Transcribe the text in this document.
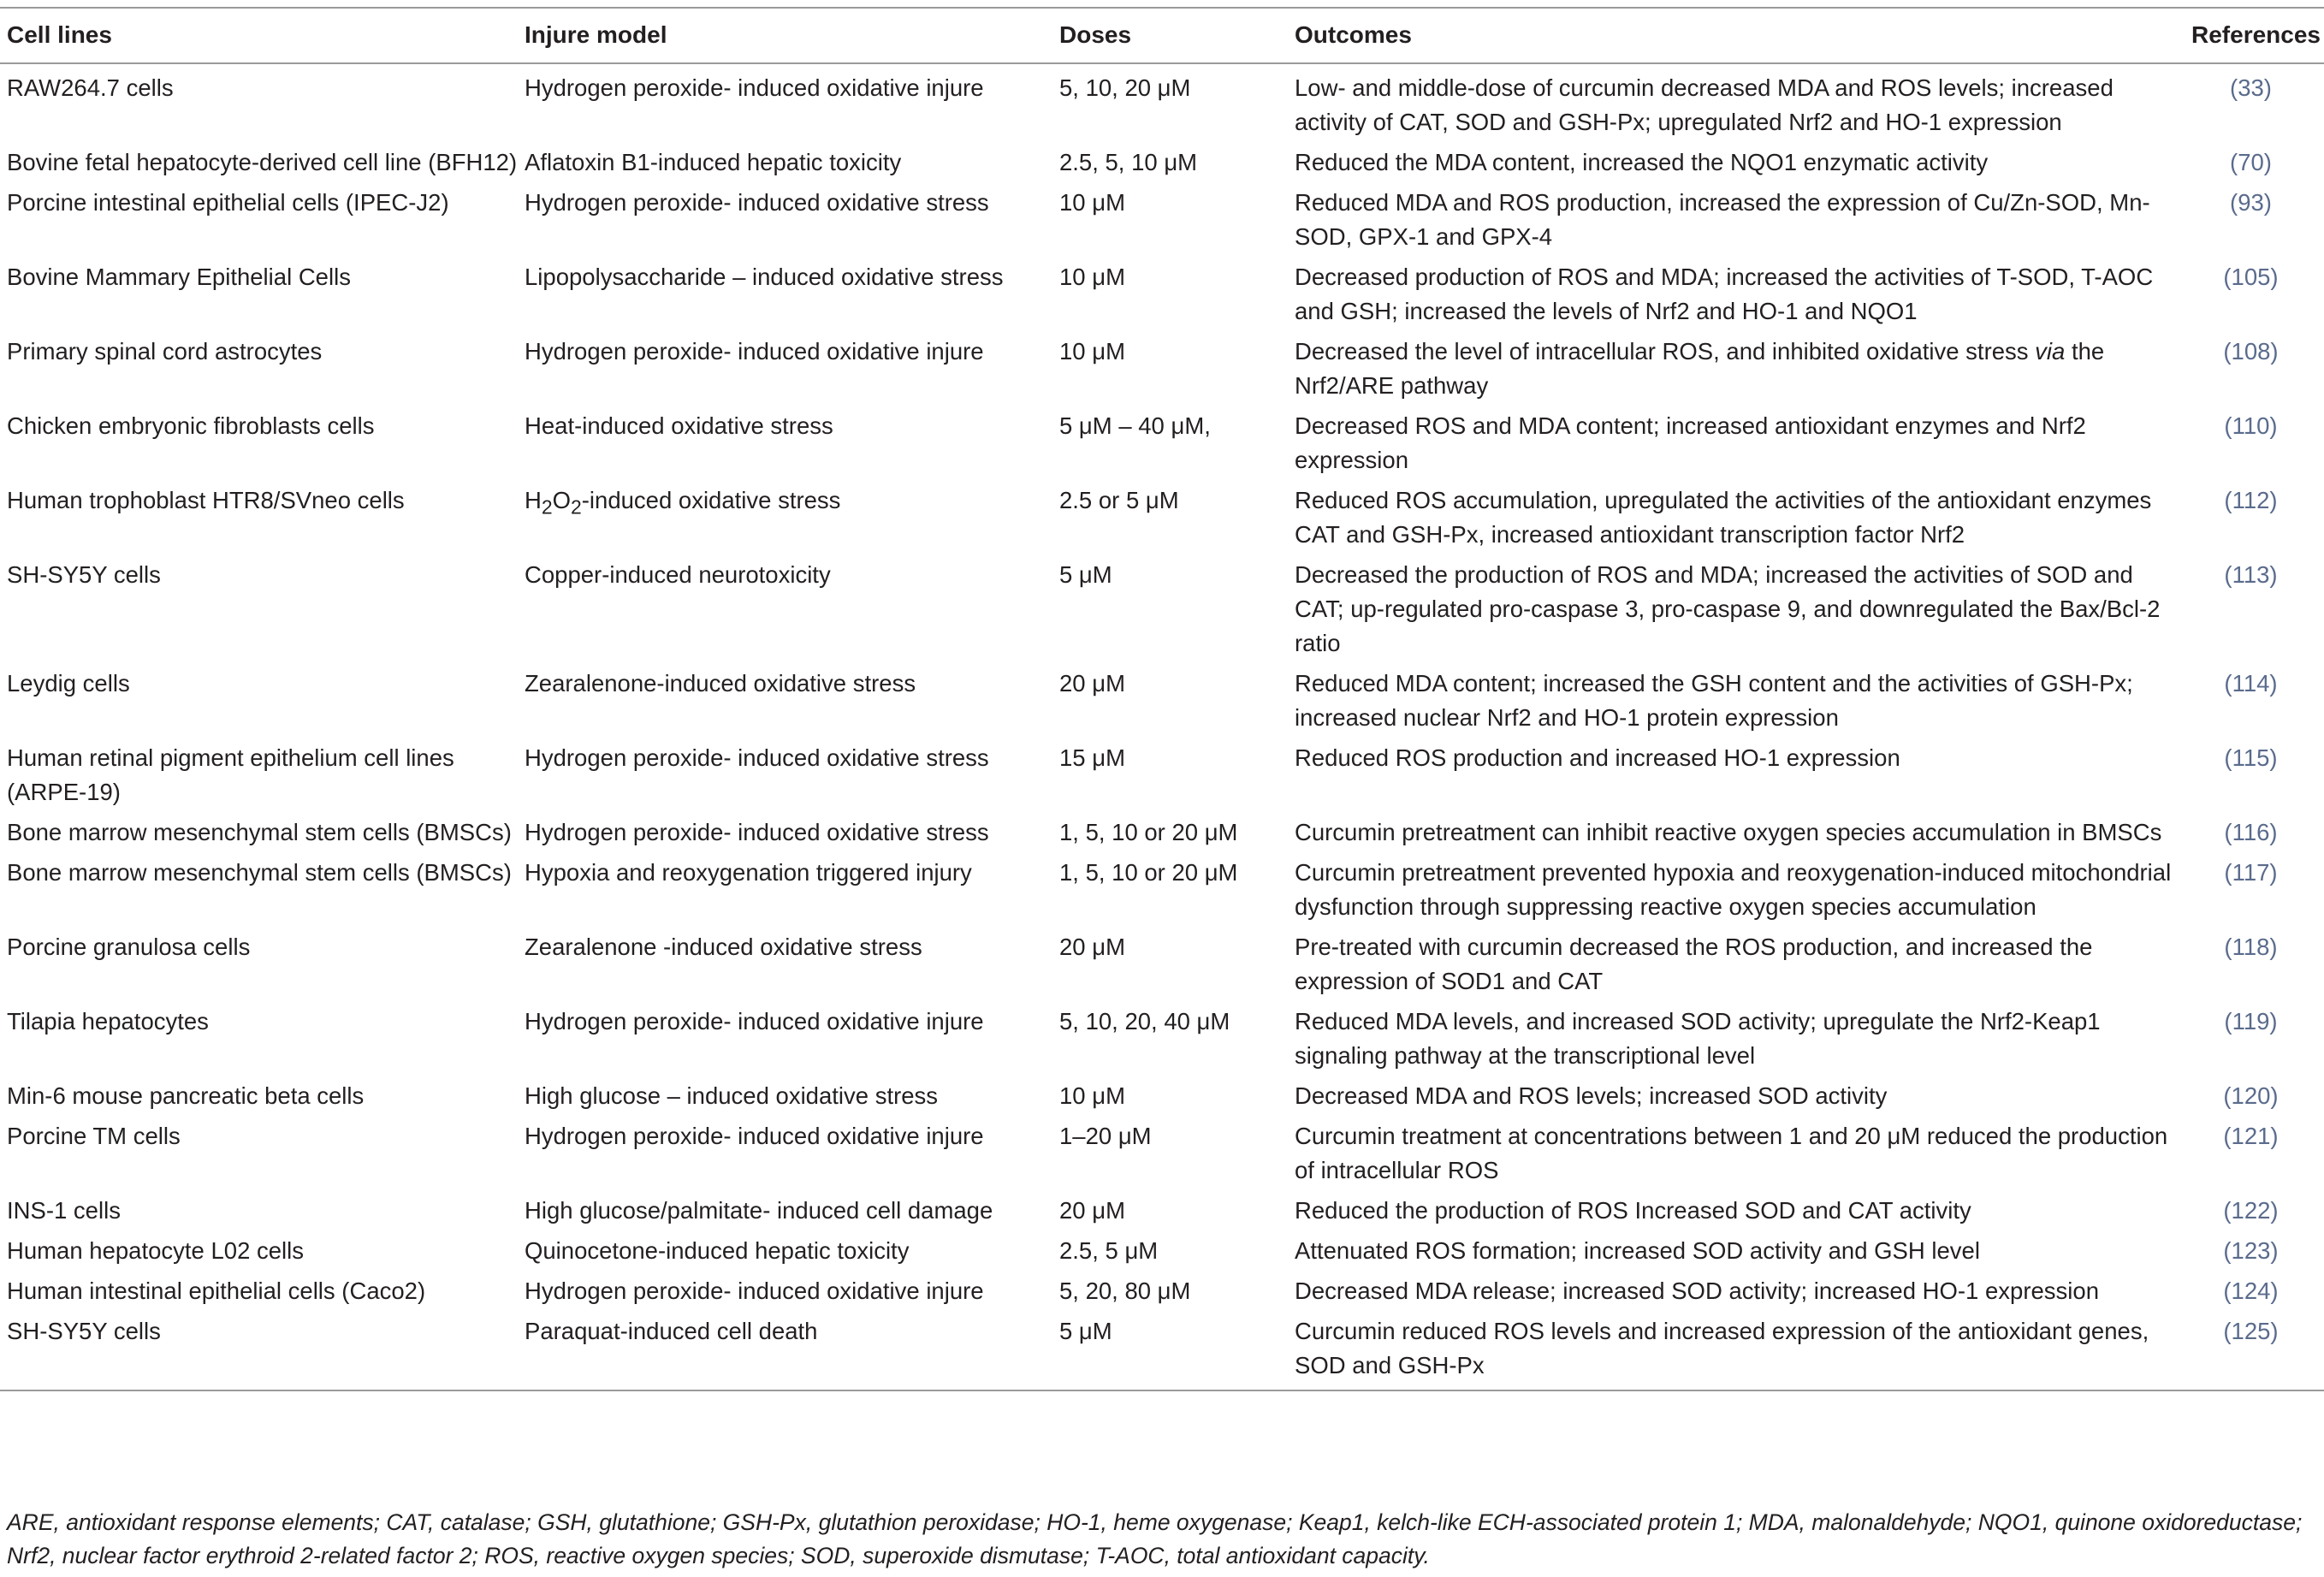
Cell lines	Injure model	Doses	Outcomes	References
RAW264.7 cells	Hydrogen peroxide- induced oxidative injure	5, 10, 20 μM	Low- and middle-dose of curcumin decreased MDA and ROS levels; increased activity of CAT, SOD and GSH-Px; upregulated Nrf2 and HO-1 expression	(33)
Bovine fetal hepatocyte-derived cell line (BFH12)	Aflatoxin B1-induced hepatic toxicity	2.5, 5, 10 μM	Reduced the MDA content, increased the NQO1 enzymatic activity	(70)
Porcine intestinal epithelial cells (IPEC-J2)	Hydrogen peroxide- induced oxidative stress	10 μM	Reduced MDA and ROS production, increased the expression of Cu/Zn-SOD, Mn-SOD, GPX-1 and GPX-4	(93)
Bovine Mammary Epithelial Cells	Lipopolysaccharide – induced oxidative stress	10 μM	Decreased production of ROS and MDA; increased the activities of T-SOD, T-AOC and GSH; increased the levels of Nrf2 and HO-1 and NQO1	(105)
Primary spinal cord astrocytes	Hydrogen peroxide- induced oxidative injure	10 μM	Decreased the level of intracellular ROS, and inhibited oxidative stress via the Nrf2/ARE pathway	(108)
Chicken embryonic fibroblasts cells	Heat-induced oxidative stress	5 μM – 40 μM,	Decreased ROS and MDA content; increased antioxidant enzymes and Nrf2 expression	(110)
Human trophoblast HTR8/SVneo cells	$H_2O_2$-induced oxidative stress	2.5 or 5 μM	Reduced ROS accumulation, upregulated the activities of the antioxidant enzymes CAT and GSH-Px, increased antioxidant transcription factor Nrf2	(112)
SH-SY5Y cells	Copper-induced neurotoxicity	5 μM	Decreased the production of ROS and MDA; increased the activities of SOD and CAT; up-regulated pro-caspase 3, pro-caspase 9, and downregulated the Bax/Bcl-2 ratio	(113)
Leydig cells	Zearalenone-induced oxidative stress	20 μM	Reduced MDA content; increased the GSH content and the activities of GSH-Px; increased nuclear Nrf2 and HO-1 protein expression	(114)
Human retinal pigment epithelium cell lines (ARPE-19)	Hydrogen peroxide- induced oxidative stress	15 μM	Reduced ROS production and increased HO-1 expression	(115)
Bone marrow mesenchymal stem cells (BMSCs)	Hydrogen peroxide- induced oxidative stress	1, 5, 10 or 20 μM	Curcumin pretreatment can inhibit reactive oxygen species accumulation in BMSCs	(116)
Bone marrow mesenchymal stem cells (BMSCs)	Hypoxia and reoxygenation triggered injury	1, 5, 10 or 20 μM	Curcumin pretreatment prevented hypoxia and reoxygenation-induced mitochondrial dysfunction through suppressing reactive oxygen species accumulation	(117)
Porcine granulosa cells	Zearalenone -induced oxidative stress	20 μM	Pre-treated with curcumin decreased the ROS production, and increased the expression of SOD1 and CAT	(118)
Tilapia hepatocytes	Hydrogen peroxide- induced oxidative injure	5, 10, 20, 40 μM	Reduced MDA levels, and increased SOD activity; upregulate the Nrf2-Keap1 signaling pathway at the transcriptional level	(119)
Min-6 mouse pancreatic beta cells	High glucose – induced oxidative stress	10 μM	Decreased MDA and ROS levels; increased SOD activity	(120)
Porcine TM cells	Hydrogen peroxide- induced oxidative injure	1–20 μM	Curcumin treatment at concentrations between 1 and 20 μM reduced the production of intracellular ROS	(121)
INS-1 cells	High glucose/palmitate- induced cell damage	20 μM	Reduced the production of ROS Increased SOD and CAT activity	(122)
Human hepatocyte L02 cells	Quinocetone-induced hepatic toxicity	2.5, 5 μM	Attenuated ROS formation; increased SOD activity and GSH level	(123)
Human intestinal epithelial cells (Caco2)	Hydrogen peroxide- induced oxidative injure	5, 20, 80 μM	Decreased MDA release; increased SOD activity; increased HO-1 expression	(124)
SH-SY5Y cells	Paraquat-induced cell death	5 μM	Curcumin reduced ROS levels and increased expression of the antioxidant genes, SOD and GSH-Px	(125)
ARE, antioxidant response elements; CAT, catalase; GSH, glutathione; GSH-Px, glutathion peroxidase; HO-1, heme oxygenase; Keap1, kelch-like ECH-associated protein 1; MDA, malonaldehyde; NQO1, quinone oxidoreductase; Nrf2, nuclear factor erythroid 2-related factor 2; ROS, reactive oxygen species; SOD, superoxide dismutase; T-AOC, total antioxidant capacity.
